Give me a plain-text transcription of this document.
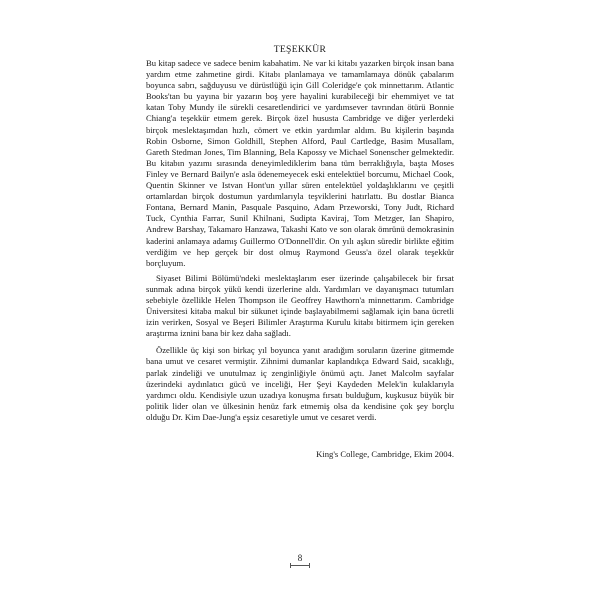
TEŞEKKÜR

Bu kitap sadece ve sadece benim kabahatim. Ne var ki kitabı yazarken birçok insan bana yardım etme zahmetine girdi. Kitabı planlamaya ve tamamlamaya dönük çabalarım boyunca sabrı, sağduyusu ve dürüstlüğü için Gill Coleridge'e çok minnettarım. Atlantic Books'tan bu yayına bir yazarın boş yere hayalini kurabileceği bir ehemmiyet ve tat katan Toby Mundy ile sürekli cesaretlendirici ve yardımsever tavrından ötürü Bonnie Chiang'a teşekkür etmem gerek. Birçok özel hususta Cambridge ve diğer yerlerdeki birçok meslektaşımdan hızlı, cömert ve etkin yardımlar aldım. Bu kişilerin başında Robin Osborne, Simon Goldhill, Stephen Alford, Paul Cartledge, Basim Musallam, Gareth Stedman Jones, Tim Blanning, Bela Kapossy ve Michael Sonenscher gelmektedir. Bu kitabın yazımı sırasında deneyimlediklerim bana tüm berraklığıyla, başta Moses Finley ve Bernard Bailyn'e asla ödenemeyecek eski entelektüel borcumu, Michael Cook, Quentin Skinner ve Istvan Hont'un yıllar süren entelektüel yoldaşlıklarını ve çeşitli ortamlardan birçok dostumun yardımlarıyla teşviklerini hatırlattı. Bu dostlar Bianca Fontana, Bernard Manin, Pasquale Pasquino, Adam Przeworski, Tony Judt, Richard Tuck, Cynthia Farrar, Sunil Khilnani, Sudipta Kaviraj, Tom Metzger, Ian Shapiro, Andrew Barshay, Takamaro Hanzawa, Takashi Kato ve son olarak ömrünü demokrasinin kaderini anlamaya adamış Guillermo O'Donnell'dir. On yılı aşkın süredir birlikte eğitim verdiğim ve hep gerçek bir dost olmuş Raymond Geuss'a özel olarak teşekkür borçluyum.

Siyaset Bilimi Bölümü'ndeki meslektaşlarım eser üzerinde çalışabilecek bir fırsat sunmak adına birçok yükü kendi üzerlerine aldı. Yardımları ve dayanışmacı tutumları sebebiyle özellikle Helen Thompson ile Geoffrey Hawthorn'a minnettarım. Cambridge Üniversitesi kitaba makul bir sükunet içinde başlayabilmemi sağlamak için bana ücretli izin verirken, Sosyal ve Beşeri Bilimler Araştırma Kurulu kitabı bitirmem için gereken araştırma iznini bana bir kez daha sağladı.

Özellikle üç kişi son birkaç yıl boyunca yanıt aradığım soruların üzerine gitmemde bana umut ve cesaret vermiştir. Zihnimi dumanlar kaplandıkça Edward Said, sıcaklığı, parlak zindeliği ve unutulmaz iç zenginliğiyle önümü açtı. Janet Malcolm sayfalar üzerindeki aydınlatıcı gücü ve inceliği, Her Şeyi Kaydeden Melek'in kulaklarıyla yardımcı oldu. Kendisiyle uzun uzadıya konuşma fırsatı bulduğum, kuşkusuz büyük bir politik lider olan ve ülkesinin henüz fark etmemiş olsa da kendisine çok şey borçlu olduğu Dr. Kim Dae-Jung'a eşsiz cesaretiyle umut ve cesaret verdi.

King's College, Cambridge, Ekim 2004.

8
